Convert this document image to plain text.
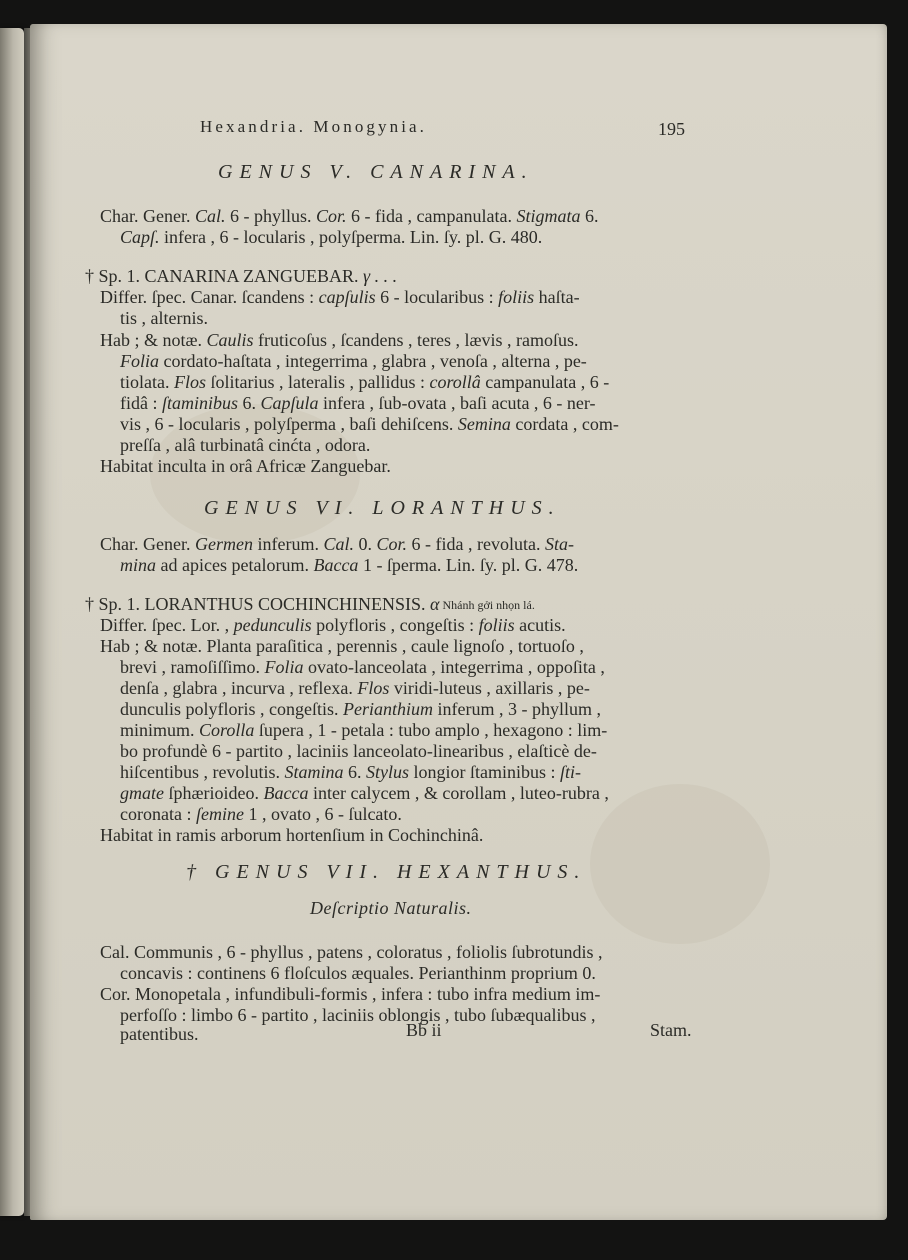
Hexandria. Monogynia.	195
GENUS V. CANARINA.
Char. Gener. Cal. 6 - phyllus. Cor. 6 - fida , campanulata. Stigmata 6.
Capſ. infera , 6 - locularis , polyſperma. Lin. ſy. pl. G. 480.
† Sp. 1. CANARINA ZANGUEBAR. γ . . .
Differ. ſpec. Canar. ſcandens : capſulis 6 - locularibus : foliis haſta-
tis , alternis.
Hab ; & notæ. Caulis fruticoſus , ſcandens , teres , lævis , ramoſus.
Folia cordato-haſtata , integerrima , glabra , venoſa , alterna , pe-
tiolata. Flos ſolitarius , lateralis , pallidus : corollâ campanulata , 6 -
fidâ : ſtaminibus 6. Capſula infera , ſub-ovata , baſi acuta , 6 - ner-
vis , 6 - locularis , polyſperma , baſi dehiſcens. Semina cordata , com-
preſſa , alâ turbinatâ cinćta , odora.
Habitat inculta in orâ Africæ Zanguebar.
GENUS VI. LORANTHUS.
Char. Gener. Germen inferum. Cal. 0. Cor. 6 - fida , revoluta. Sta-
mina ad apices petalorum. Bacca 1 - ſperma. Lin. ſy. pl. G. 478.
† Sp. 1. LORANTHUS COCHINCHINENSIS. α Nhánh gởi nhọn lá.
Differ. ſpec. Lor. , pedunculis polyfloris , congeſtis : foliis acutis.
Hab ; & notæ. Planta paraſitica , perennis , caule lignoſo , tortuoſo ,
brevi , ramoſiſſimo. Folia ovato-lanceolata , integerrima , oppoſita ,
denſa , glabra , incurva , reflexa. Flos viridi-luteus , axillaris , pe-
dunculis polyfloris , congeſtis. Perianthium inferum , 3 - phyllum ,
minimum. Corolla ſupera , 1 - petala : tubo amplo , hexagono : lim-
bo profundè 6 - partito , laciniis lanceolato-linearibus , elaſticè de-
hiſcentibus , revolutis. Stamina 6. Stylus longior ſtaminibus : ſti-
gmate ſphærioideo. Bacca inter calycem , & corollam , luteo-rubra ,
coronata : ſemine 1 , ovato , 6 - ſulcato.
Habitat in ramis arborum hortenſium in Cochinchinâ.
† GENUS VII. HEXANTHUS.
Deſcriptio Naturalis.
Cal. Communis , 6 - phyllus , patens , coloratus , foliolis ſubrotundis ,
concavis : continens 6 floſculos æquales. Perianthinm proprium 0.
Cor. Monopetala , infundibuli-formis , infera : tubo infra medium im-
perfoſſo : limbo 6 - partito , laciniis oblongis , tubo ſubæqualibus ,
patentibus.	Bb ii	Stam.
